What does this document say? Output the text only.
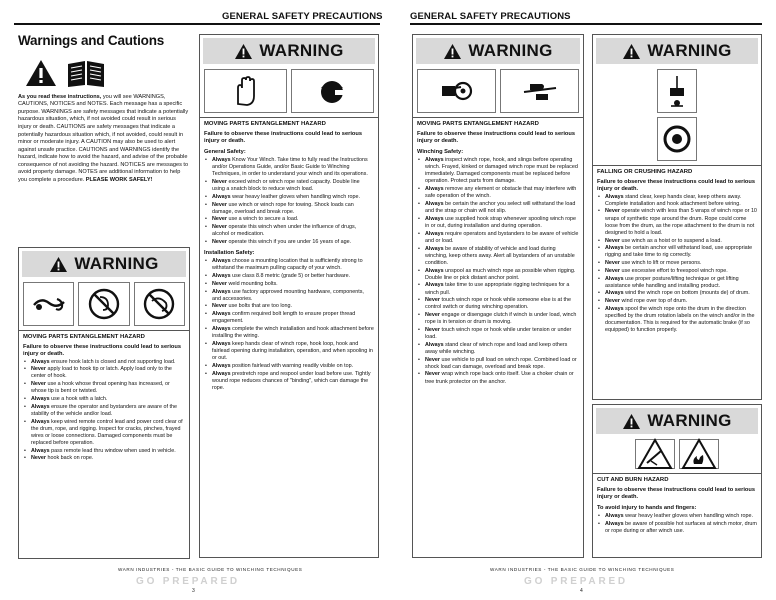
GENERAL SAFETY PRECAUTIONS
Warnings and Cautions
As you read these instructions, you will see WARNINGS, CAUTIONS, NOTICES and NOTES. Each message has a specific purpose. WARNINGS are safety messages that indicate a potentially hazardous situation, which, if not avoided could result in serious injury or death. CAUTIONS are safety messages that indicate a potentially hazardous situation which, if not avoided, could result in minor or moderate injury. A CAUTION may also be used to alert against unsafe practice. CAUTIONS and WARNINGS identify the hazard, indicate how to avoid the hazard, and advise of the probable consequence of not avoiding the hazard. NOTICES are messages to avoid property damage. NOTES are additional information to help you complete a procedure. PLEASE WORK SAFELY!
WARNING
MOVING PARTS ENTANGLEMENT HAZARD
Failure to observe these instructions could lead to serious injury or death.
• Always ensure hook latch is closed and not supporting load.
• Never apply load to hook tip or latch. Apply load only to the center of hook.
• Never use a hook whose throat opening has increased, or whose tip is bent or twisted.
• Always use a hook with a latch.
• Always ensure the operator and bystanders are aware of the stability of the vehicle and/or load.
• Always keep wired remote control lead and power cord clear of the drum, rope, and rigging. Inspect for cracks, pinches, frayed wires or loose connections. Damaged components must be replaced before operation.
• Always pass remote lead thru window when used in vehicle.
• Never hook back on rope.
WARNING
MOVING PARTS ENTANGLEMENT HAZARD
Failure to observe these instructions could lead to serious injury or death.
General Safety:
• Always Know Your Winch. Take time to fully read the Instructions and/or Operations Guide, and/or Basic Guide to Winching Techniques, in order to understand your winch and its operations.
• Never exceed winch or winch rope rated capacity. Double line using a snatch block to reduce winch load.
• Always wear heavy leather gloves when handling winch rope.
• Never use winch or winch rope for towing. Shock loads can damage, overload and break rope.
• Never use a winch to secure a load.
• Never operate this winch when under the influence of drugs, alcohol or medication.
• Never operate this winch if you are under 16 years of age.
Installation Safety:
• Always choose a mounting location that is sufficiently strong to withstand the maximum pulling capacity of your winch.
• Always use class 8.8 metric (grade 5) or better hardware.
• Never weld mounting bolts.
• Always use factory approved mounting hardware, components, and accessories.
• Never use bolts that are too long.
• Always confirm required bolt length to ensure proper thread engagement.
• Always complete the winch installation and hook attachment before installing the wiring.
• Always keep hands clear of winch rope, hook loop, hook and fairlead opening during installation, operation, and when spooling in or out.
• Always position fairlead with warning readily visible on top.
• Always prestretch rope and respool under load before use. Tightly wound rope reduces chances of "binding", which can damage the rope.
WARN INDUSTRIES - THE BASIC GUIDE TO WINCHING TECHNIQUES
GO PREPARED
3
GENERAL SAFETY PRECAUTIONS
WARNING
MOVING PARTS ENTANGLEMENT HAZARD
Failure to observe these instructions could lead to serious injury or death.
Winching Safety:
• Always inspect winch rope, hook, and slings before operating winch. Frayed, kinked or damaged winch rope must be replaced immediately. Damaged components must be replaced before operation. Protect parts from damage.
• Always remove any element or obstacle that may interfere with safe operation of the winch.
• Always be certain the anchor you select will withstand the load and the strap or chain will not slip.
• Always use supplied hook strap whenever spooling winch rope in or out, during installation and during operation.
• Always require operators and bystanders to be aware of vehicle and or load.
• Always be aware of stability of vehicle and load during winching, keep others away. Alert all bystanders of an unstable condition.
• Always unspool as much winch rope as possible when rigging. Double line or pick distant anchor point.
• Always take time to use appropriate rigging techniques for a winch pull.
• Never touch winch rope or hook while someone else is at the control switch or during winching operation.
• Never engage or disengage clutch if winch is under load, winch rope is in tension or drum is moving.
• Never touch winch rope or hook while under tension or under load.
• Always stand clear of winch rope and load and keep others away while winching.
• Never use vehicle to pull load on winch rope. Combined load or shock load can damage, overload and break rope.
• Never wrap winch rope back onto itself. Use a choker chain or tree trunk protector on the anchor.
WARNING
FALLING OR CRUSHING HAZARD
Failure to observe these instructions could lead to serious injury or death.
• Always stand clear, keep hands clear, keep others away. Complete installation and hook attachment before wiring.
• Never operate winch with less than 5 wraps of winch rope or 10 wraps of synthetic rope around the drum. Rope could come loose from the drum, as the rope attachment to the drum is not designed to hold a load.
• Never use winch as a hoist or to suspend a load.
• Always be certain anchor will withstand load, use appropriate rigging and take time to rig correctly.
• Never use winch to lift or move persons.
• Never use excessive effort to freespool winch rope.
• Always use proper posture/lifting technique or get lifting assistance while handling and installing product.
• Always wind the winch rope on bottom (mounts de) of drum.
• Never wind rope over top of drum.
• Always spool the winch rope onto the drum in the direction specified by the drum rotation labels on the winch and/or in the documentation. This is required for the automatic brake (if so equipped) to function properly.
WARNING
CUT AND BURN HAZARD
Failure to observe these instructions could lead to serious injury or death.
To avoid injury to hands and fingers:
• Always wear heavy leather gloves when handling winch rope.
• Always be aware of possible hot surfaces at winch motor, drum or rope during or after winch use.
WARN INDUSTRIES - THE BASIC GUIDE TO WINCHING TECHNIQUES
GO PREPARED
4
